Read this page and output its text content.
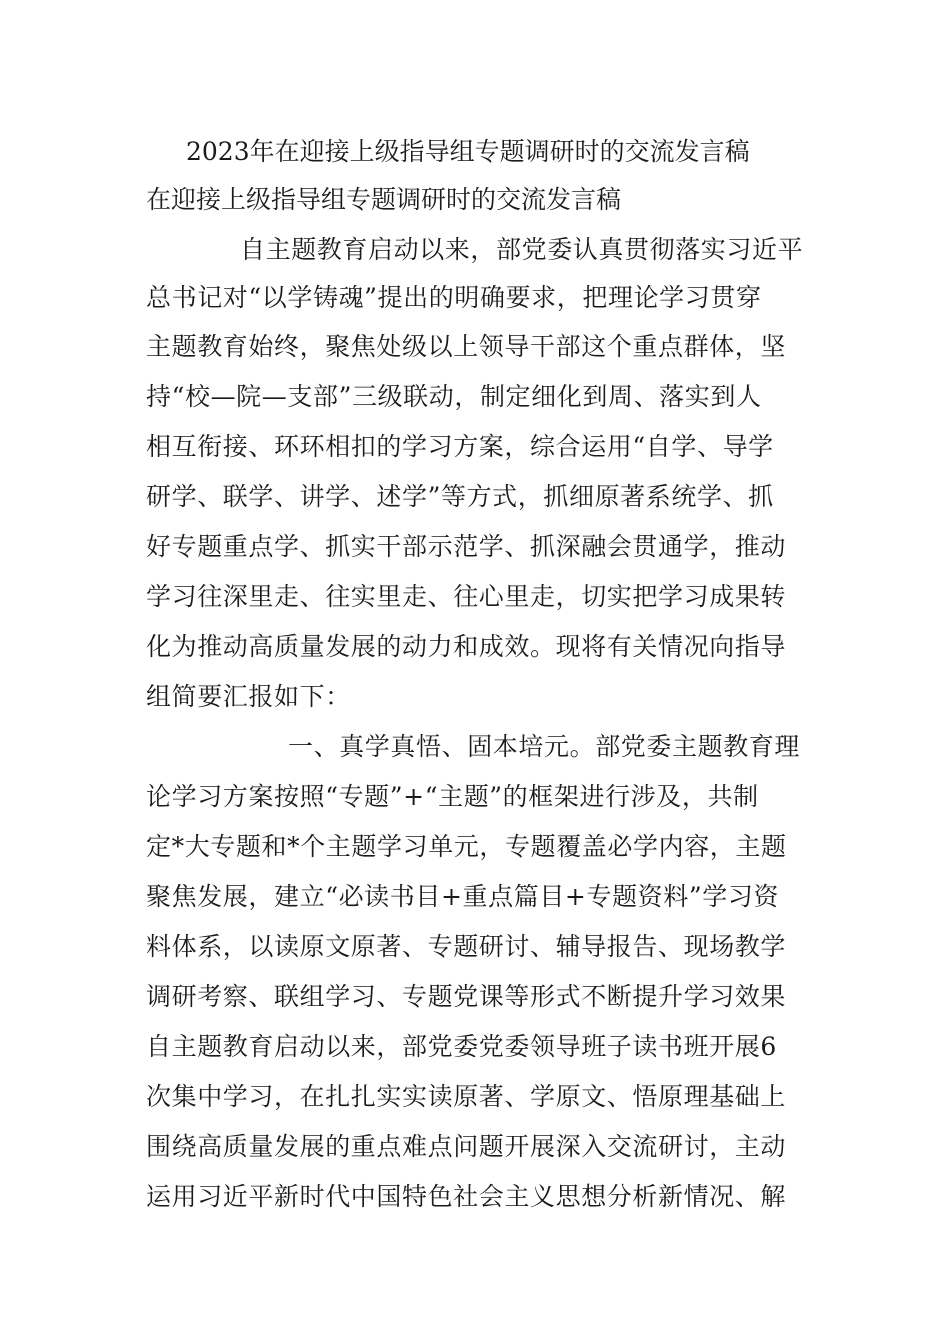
2023年在迎接上级指导组专题调研时的交流发言稿
在迎接上级指导组专题调研时的交流发言稿

自主题教育启动以来，部党委认真贯彻落实习近平

总书记对“以学铸魂”提出的明确要求，把理论学习贯穿

主题教育始终，聚焦处级以上领导干部这个重点群体，坚

持“校—院—支部”三级联动，制定细化到周、落实到人

相互衔接、环环相扣的学习方案，综合运用“自学、导学

研学、联学、讲学、述学”等方式，抓细原著系统学、抓

好专题重点学、抓实干部示范学、抓深融会贯通学，推动

学习往深里走、往实里走、往心里走，切实把学习成果转

化为推动高质量发展的动力和成效。现将有关情况向指导

组简要汇报如下：

一、真学真悟、固本培元。部党委主题教育理

论学习方案按照“专题”+“主题”的框架进行涉及，共制

定*大专题和*个主题学习单元，专题覆盖必学内容，主题

聚焦发展，建立“必读书目+重点篇目+专题资料”学习资

料体系，以读原文原著、专题研讨、辅导报告、现场教学

调研考察、联组学习、专题党课等形式不断提升学习效果

自主题教育启动以来，部党委党委领导班子读书班开展6

次集中学习，在扎扎实实读原著、学原文、悟原理基础上

围绕高质量发展的重点难点问题开展深入交流研讨，主动

运用习近平新时代中国特色社会主义思想分析新情况、解
